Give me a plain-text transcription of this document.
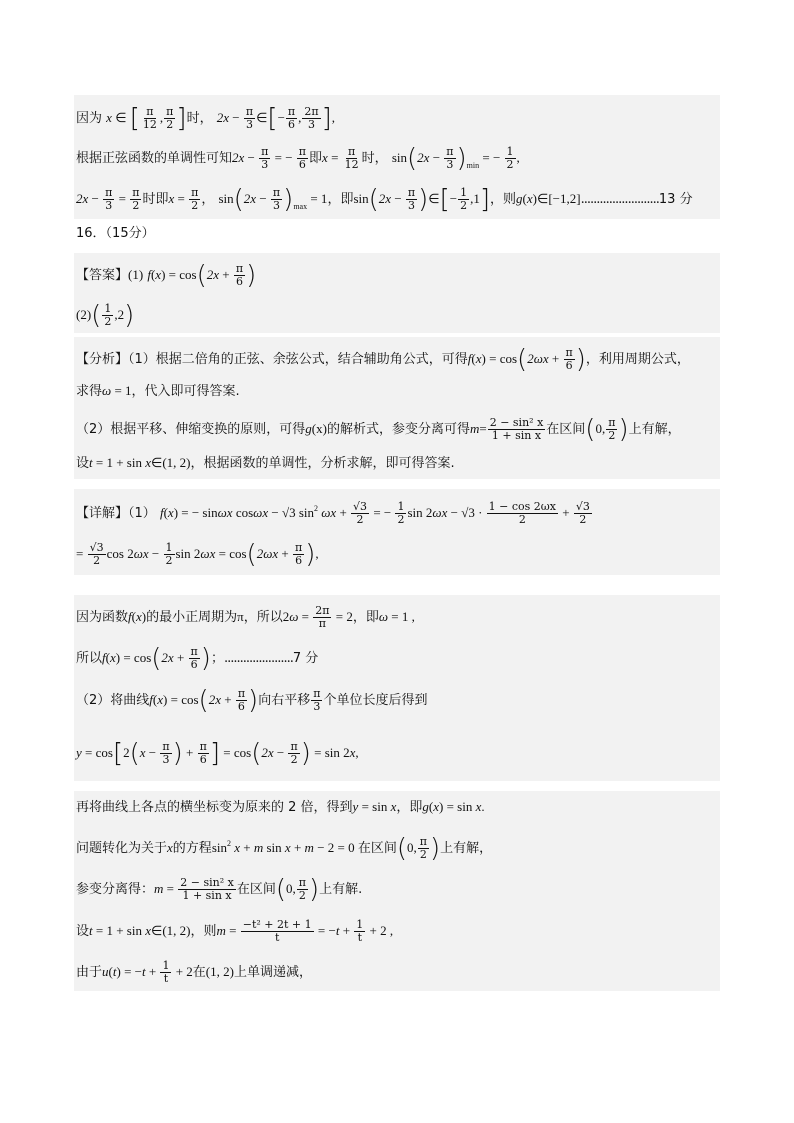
因为 x ∈ [ $\frac{\pi}{12}$ , $\frac{\pi}{2}$ ]时， $2x - \frac{\pi}{3}$ ∈[− $\frac{\pi}{6}$ , $\frac{2\pi}{3}$ ],
根据正弦函数的单调性可知$2x - \frac{\pi}{3}$ = − $\frac{\pi}{6}$ 即$x = \frac{\pi}{12}$ 时， $\sin(2x - \frac{\pi}{3} )_{min}$ = − $\frac{1}{2}$ ,
$2x - \frac{\pi}{3} = \frac{\pi}{2}$ 时即$x = \frac{\pi}{2}$ ， $\sin(2x - \frac{\pi}{3} )_{max} = 1$，即$\sin(2x - \frac{\pi}{3}$ )∈[− $\frac{1}{2} ,1$]，则g(x)∈[−1,2].........................13 分
16．（15分）
【答案】(1) $f(x) = \cos(2x + \frac{\pi}{6}$ )
$(2)( \frac{1}{2} ,2)$
【分析】（1）根据二倍角的正弦、余弦公式，结合辅助角公式，可得$f(x) = \cos(2\omega x + \frac{\pi}{6}$ )，利用周期公式，
求得ω = 1，代入即可得答案.
（2）根据平移、伸缩变换的原则，可得g(x)的解析式，参变分离可得$m= \frac{\text{2 − sin² x}}{\text{1 + sin x}}$ 在区间(0, $\frac{\pi}{2}$ )上有解，
设t = 1 + sin x∈(1, 2)，根据函数的单调性，分析求解，即可得答案.
【详解】（1） f(x) = − sinωx cosωx − √3 $\sin^2 \omega x + \frac{√3}{2}$ = − $\frac{1}{2}$ $\sin 2\omega x - √3 \cdot \frac{1 - \cos 2\omega x}{2} + \frac{√3}{2}$
= $\frac{√3}{2}$ $\cos 2\omega x - \frac{1}{2}$ $\sin 2\omega x = \cos(2\omega x + \frac{\pi}{6}$ ),
因为函数f(x)的最小正周期为π，所以$2\omega = \frac{2\pi}{\pi} = 2$，即ω = 1 ,
所以$f(x) = \cos(2x + \frac{\pi}{6}$ )；......................7 分
（2）将曲线$f(x) = \cos(2x + \frac{\pi}{6}$ )向右平移 $\frac{\pi}{3}$ 个单位长度后得到
$y = \cos[2(x - \frac{\pi}{3}$ ) + $\frac{\pi}{6}$ ] = $\cos(2x - \frac{\pi}{2}$ ) = sin 2x,
再将曲线上各点的横坐标变为原来的 2 倍，得到y = sin x，即g(x) = sin x.
问题转化为关于x的方程$\sin^2 x + m$ sin x + m − 2 = 0 在区间(0, $\frac{\pi}{2}$ )上有解，
参变分离得：$m = \frac{\text{2 − sin² x}}{\text{1 + sin x}}$ 在区间(0, $\frac{\pi}{2}$ )上有解.
设t = 1 + sin x∈(1, 2)，则$m = \frac{\text{−t² + 2t + 1}}{t} = -t + \frac{1}{t} + 2$ ,
由于$u(t) = -t + \frac{1}{t} + 2$在(1, 2)上单调递减，
